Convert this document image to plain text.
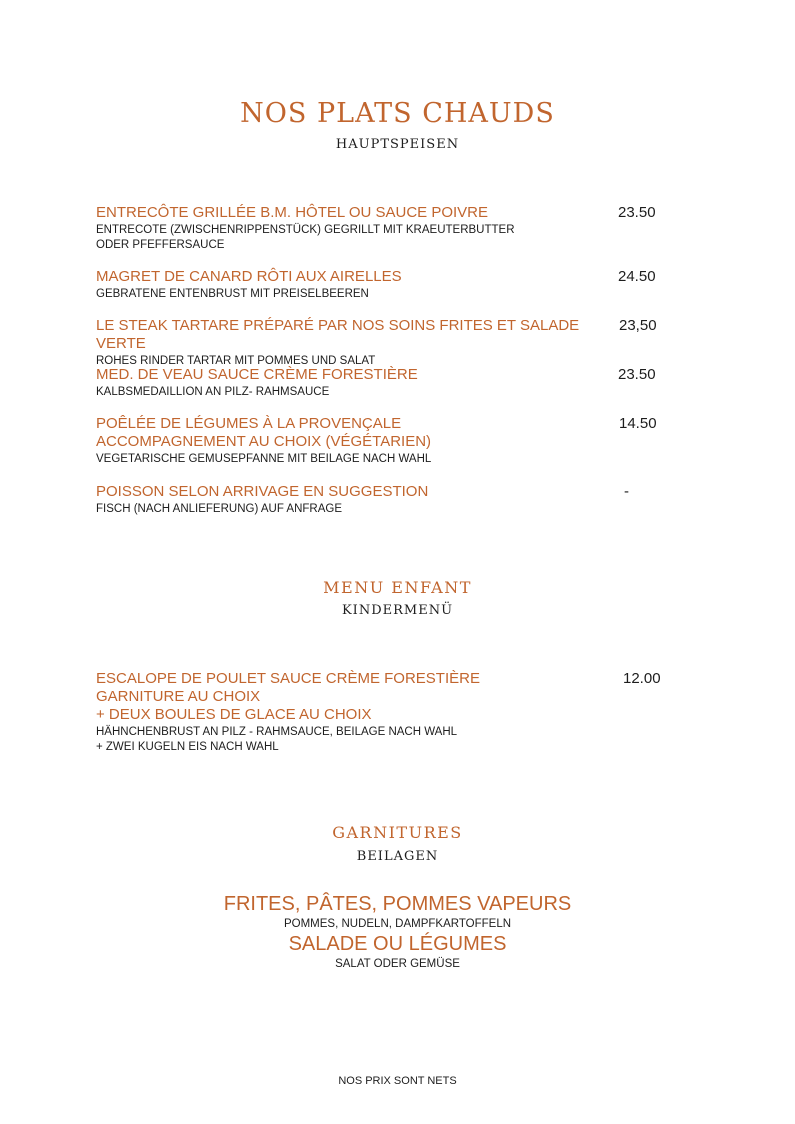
NOS PLATS CHAUDS
HAUPTSPEISEN
ENTRECÔTE GRILLÉE B.M. HÔTEL OU SAUCE POIVRE
ENTRECOTE (ZWISCHENRIPPENSTÜCK) GEGRILLT MIT KRAEUTERBUTTER
ODER PFEFFERSAUCE
23.50
MAGRET DE CANARD RÔTI AUX AIRELLES
GEBRATENE ENTENBRUST MIT PREISELBEEREN
24.50
LE STEAK TARTARE PRÉPARÉ PAR NOS SOINS FRITES ET SALADE VERTE
ROHES RINDER TARTAR MIT POMMES UND SALAT
23,50
MED. DE VEAU SAUCE CRÈME FORESTIÈRE
KALBSMEDAILLION AN PILZ- RAHMSAUCE
23.50
POÊLÉE DE LÉGUMES À LA PROVENÇALE
ACCOMPAGNEMENT AU CHOIX (VÉGÉTARIEN)
VEGETARISCHE GEMUSEPFANNE MIT BEILAGE NACH WAHL
14.50
POISSON SELON ARRIVAGE EN SUGGESTION
FISCH (NACH ANLIEFERUNG) AUF ANFRAGE
-
MENU ENFANT
KINDERMENÜ
ESCALOPE DE POULET SAUCE CRÈME FORESTIÈRE
GARNITURE AU CHOIX
+ DEUX BOULES DE GLACE AU CHOIX
HÄHNCHENBRUST AN PILZ - RAHMSAUCE, BEILAGE NACH WAHL
+ ZWEI KUGELN EIS NACH WAHL
12.00
GARNITURES
BEILAGEN
FRITES, PÂTES, POMMES VAPEURS
POMMES, NUDELN, DAMPFKARTOFFELN
SALADE OU LÉGUMES
SALAT ODER GEMÜSE
NOS PRIX SONT NETS
